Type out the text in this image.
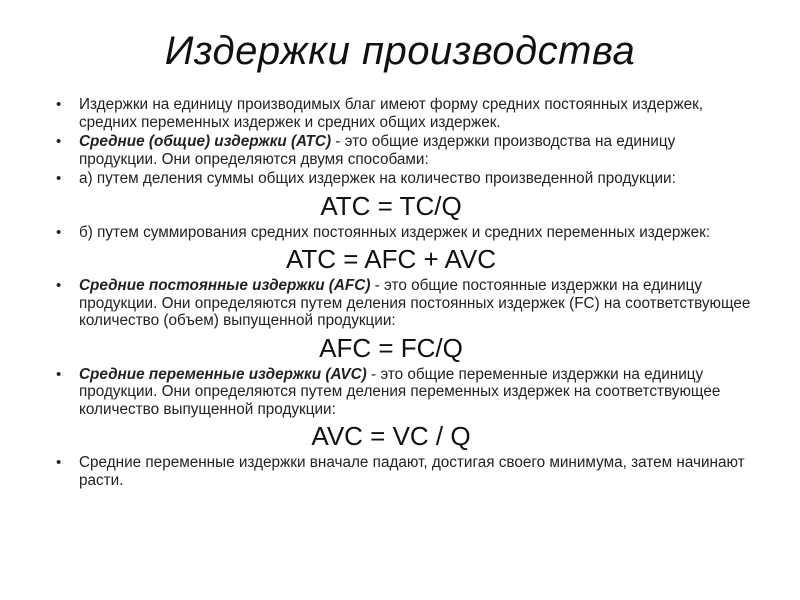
Издержки производства
• Издержки на единицу производимых благ имеют форму средних постоянных издержек, средних переменных издержек и средних общих издержек.
• Средние (общие) издержки (АТС) - это общие издержки производства на единицу продукции. Они определяются двумя способами:
• а) путем деления суммы общих издержек на количество произведенной продукции:
ATC = TC/Q
• б) путем суммирования средних постоянных издержек и средних переменных издержек:
ATC = AFC + AVC
• Средние постоянные издержки (AFC) - это общие постоянные издержки на единицу продукции. Они определяются путем деления постоянных издержек (FC) на соответствующее количество (объем) выпущенной продукции:
AFC = FC/Q
• Средние переменные издержки (AVC) - это общие переменные издержки на единицу продукции. Они определяются путем деления переменных издержек на соответствующее количество выпущенной продукции:
AVC = VC / Q
• Средние переменные издержки вначале падают, достигая своего минимума, затем начинают расти.
